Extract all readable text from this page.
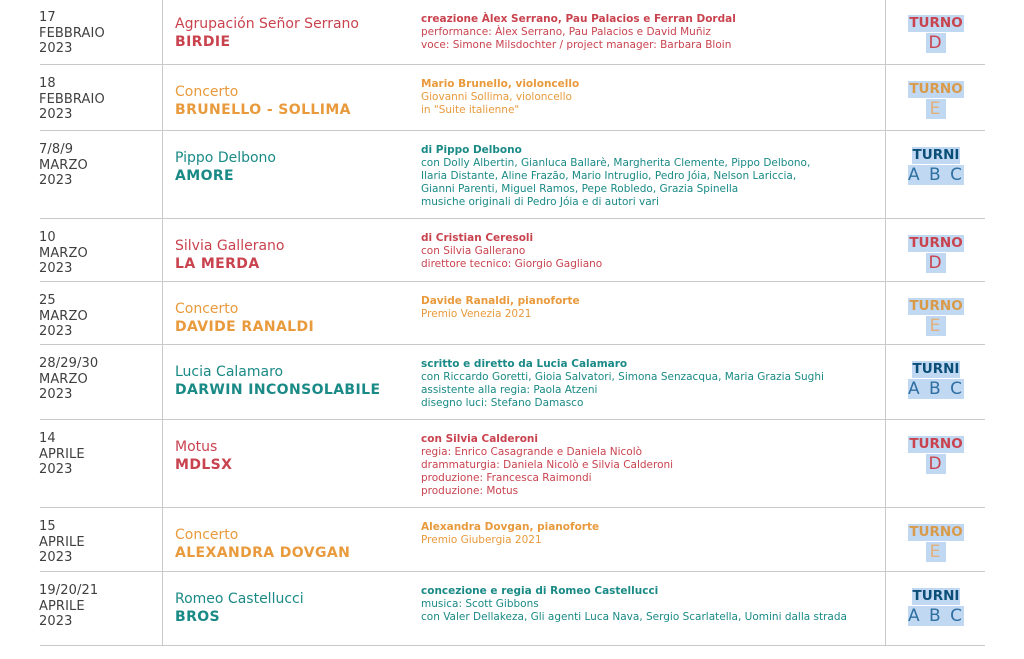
17
FEBBRAIO
2023
Agrupación Señor Serrano
BIRDIE
creazione Àlex Serrano, Pau Palacios e Ferran Dordal
performance: Àlex Serrano, Pau Palacios e David Muñiz
voce: Simone Milsdochter / project manager: Barbara Bloin
TURNO
D
18
FEBBRAIO
2023
Concerto
BRUNELLO - SOLLIMA
Mario Brunello, violoncello
Giovanni Sollima, violoncello
in "Suite italienne"
TURNO
E
7/8/9
MARZO
2023
Pippo Delbono
AMORE
di Pippo Delbono
con Dolly Albertin, Gianluca Ballarè, Margherita Clemente, Pippo Delbono,
Ilaria Distante, Aline Frazão, Mario Intruglio, Pedro Jóia, Nelson Lariccia,
Gianni Parenti, Miguel Ramos, Pepe Robledo, Grazia Spinella
musiche originali di Pedro Jóia e di autori vari
TURNI
A B C
10
MARZO
2023
Silvia Gallerano
LA MERDA
di Cristian Ceresoli
con Silvia Gallerano
direttore tecnico: Giorgio Gagliano
TURNO
D
25
MARZO
2023
Concerto
DAVIDE RANALDI
Davide Ranaldi, pianoforte
Premio Venezia 2021	TURNO
E
28/29/30
MARZO
2023
Lucia Calamaro
DARWIN INCONSOLABILE
scritto e diretto da Lucia Calamaro
con Riccardo Goretti, Gioia Salvatori, Simona Senzacqua, Maria Grazia Sughi
assistente alla regia: Paola Atzeni
disegno luci: Stefano Damasco
TURNI
A B C
14
APRILE
2023
Motus
MDLSX
con Silvia Calderoni
regia: Enrico Casagrande e Daniela Nicolò
drammaturgia: Daniela Nicolò e Silvia Calderoni
produzione: Francesca Raimondi
produzione: Motus
TURNO
D
15
APRILE
2023
Concerto
ALEXANDRA DOVGAN
Alexandra Dovgan, pianoforte
Premio Giubergia 2021	TURNO
E
19/20/21
APRILE
2023
Romeo Castellucci
BROS
concezione e regia di Romeo Castellucci
musica: Scott Gibbons
con Valer Dellakeza, Gli agenti Luca Nava, Sergio Scarlatella, Uomini dalla strada
TURNI
A B C
